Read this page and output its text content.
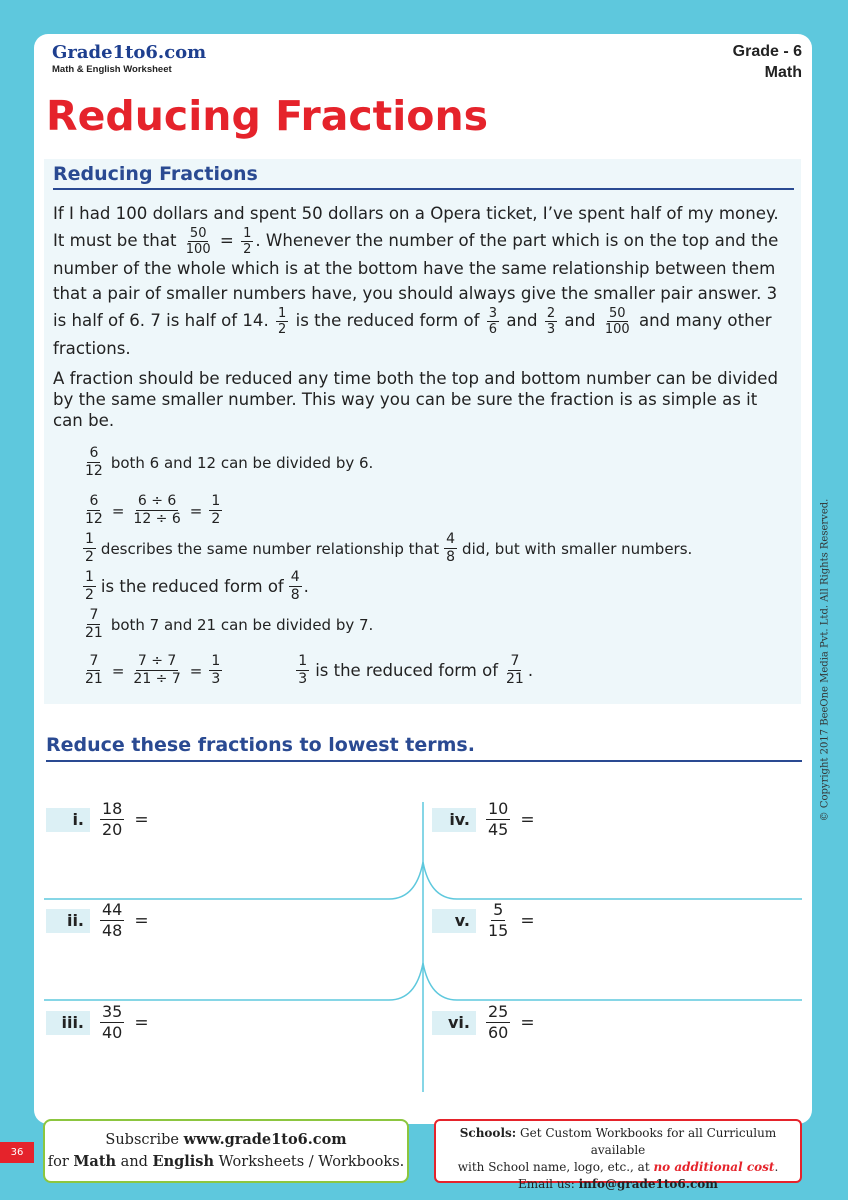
Grade1to6.com
Math & English Worksheet
Grade - 6
Math
Reducing Fractions
Reducing Fractions
If I had 100 dollars and spent 50 dollars on a Opera ticket, I’ve spent half of my money. It must be that $\frac{50}{100} = \frac{1}{2}$ . Whenever the number of the part which is on the top and the number of the whole which is at the bottom have the same relationship between them that a pair of smaller numbers have, you should always give the smaller pair answer. 3 is half of 6. 7 is half of 14. $\frac{1}{2}$ is the reduced form of $\frac{3}{6}$ and $\frac{2}{3}$ and $\frac{50}{100}$ and many other fractions.
A fraction should be reduced any time both the top and bottom number can be divided by the same smaller number. This way you can be sure the fraction is as simple as it can be.
$\frac{6}{12}$ both 6 and 12 can be divided by 6.
$\frac{6}{12} = \frac{6 \div 6}{12 \div 6} = \frac{1}{2}$
$\frac{1}{2}$ describes the same number relationship that $\frac{4}{8}$ did, but with smaller numbers.
$\frac{1}{2}$ is the reduced form of $\frac{4}{8}$ .
$\frac{7}{21}$ both 7 and 21 can be divided by 7.
$\frac{7}{21} = \frac{7 \div 7}{21 \div 7} = \frac{1}{3}$	$\frac{1}{3}$ is the reduced form of $\frac{7}{21}$ .
Reduce these fractions to lowest terms.
i.	$\frac{18}{20}$ =
ii.	$\frac{44}{48}$ =
iii.	$\frac{35}{40}$ =
iv.	$\frac{10}{45}$ =
v.	$\frac{5}{15}$ =
vi.	$\frac{25}{60}$ =
Subscribe www.grade1to6.com
for Math and English Worksheets / Workbooks.
Schools: Get Custom Workbooks for all Curriculum available
with School name, logo, etc., at no additional cost.
Email us: info@grade1to6.com
36
© Copyright 2017 BeeOne Media Pvt. Ltd. All Rights Reserved.
